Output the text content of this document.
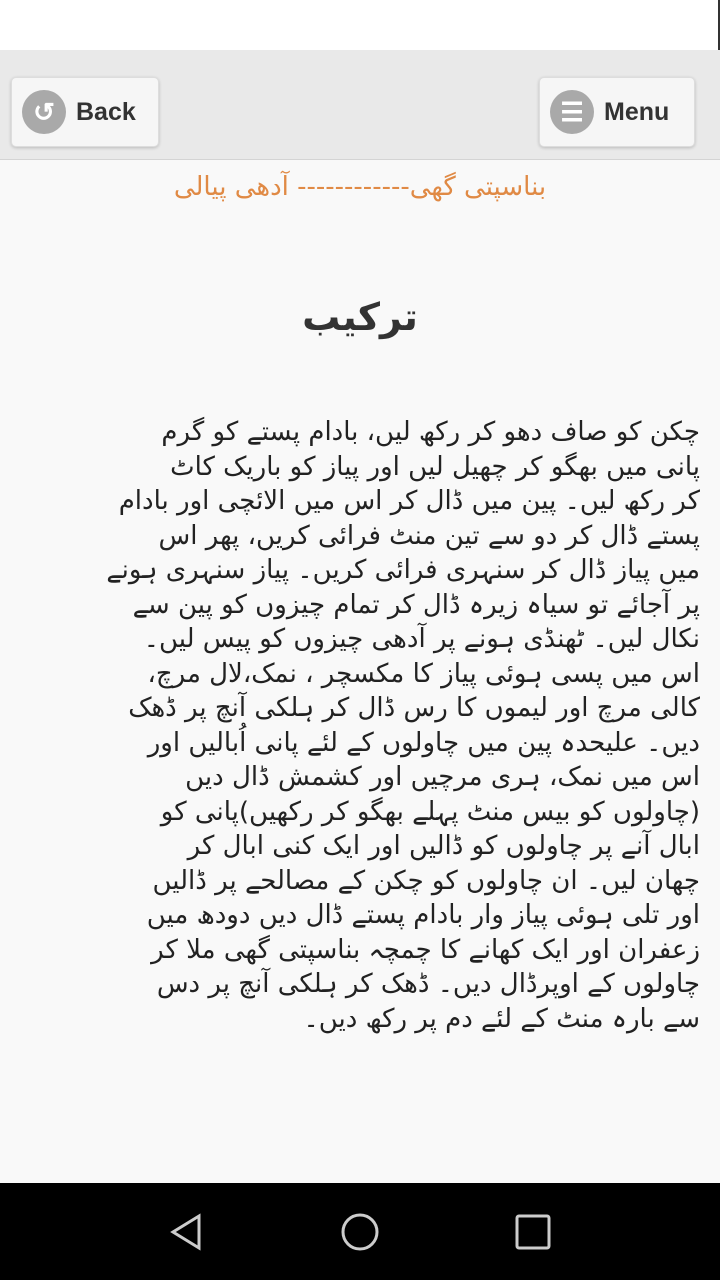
↺ Back	☰ Menu
بناسپتی گھی------------ آدھی پیالی
ترکیب
چکن کو صاف دھو کر رکھ لیں، بادام پستے کو گرم
پانی میں بھگو کر چھیل لیں اور پیاز کو باریک کاٹ
کر رکھ لیں۔ پین میں ڈال کر اس میں الائچی اور بادام
پستے ڈال کر دو سے تین منٹ فرائی کریں، پھر اس
میں پیاز ڈال کر سنہری فرائی کریں۔ پیاز سنہری ہونے
پر آجائے تو سیاہ زیرہ ڈال کر تمام چیزوں کو پین سے
نکال لیں۔ ٹھنڈی ہونے پر آدھی چیزوں کو پیس لیں۔
اس میں پسی ہوئی پیاز کا مکسچر ، نمک،لال مرچ،
کالی مرچ اور لیموں کا رس ڈال کر ہلکی آنچ پر ڈھک
دیں۔ علیحدہ پین میں چاولوں کے لئے پانی اُبالیں اور
اس میں نمک، ہری مرچیں اور کشمش ڈال دیں
(چاولوں کو بیس منٹ پہلے بھگو کر رکھیں)پانی کو
ابال آنے پر چاولوں کو ڈالیں اور ایک کنی ابال کر
چھان لیں۔ ان چاولوں کو چکن کے مصالحے پر ڈالیں
اور تلی ہوئی پیاز وار بادام پستے ڈال دیں دودھ میں
زعفران اور ایک کھانے کا چمچہ بناسپتی گھی ملا کر
چاولوں کے اوپرڈال دیں۔ ڈھک کر ہلکی آنچ پر دس
سے بارہ منٹ کے لئے دم پر رکھ دیں۔
